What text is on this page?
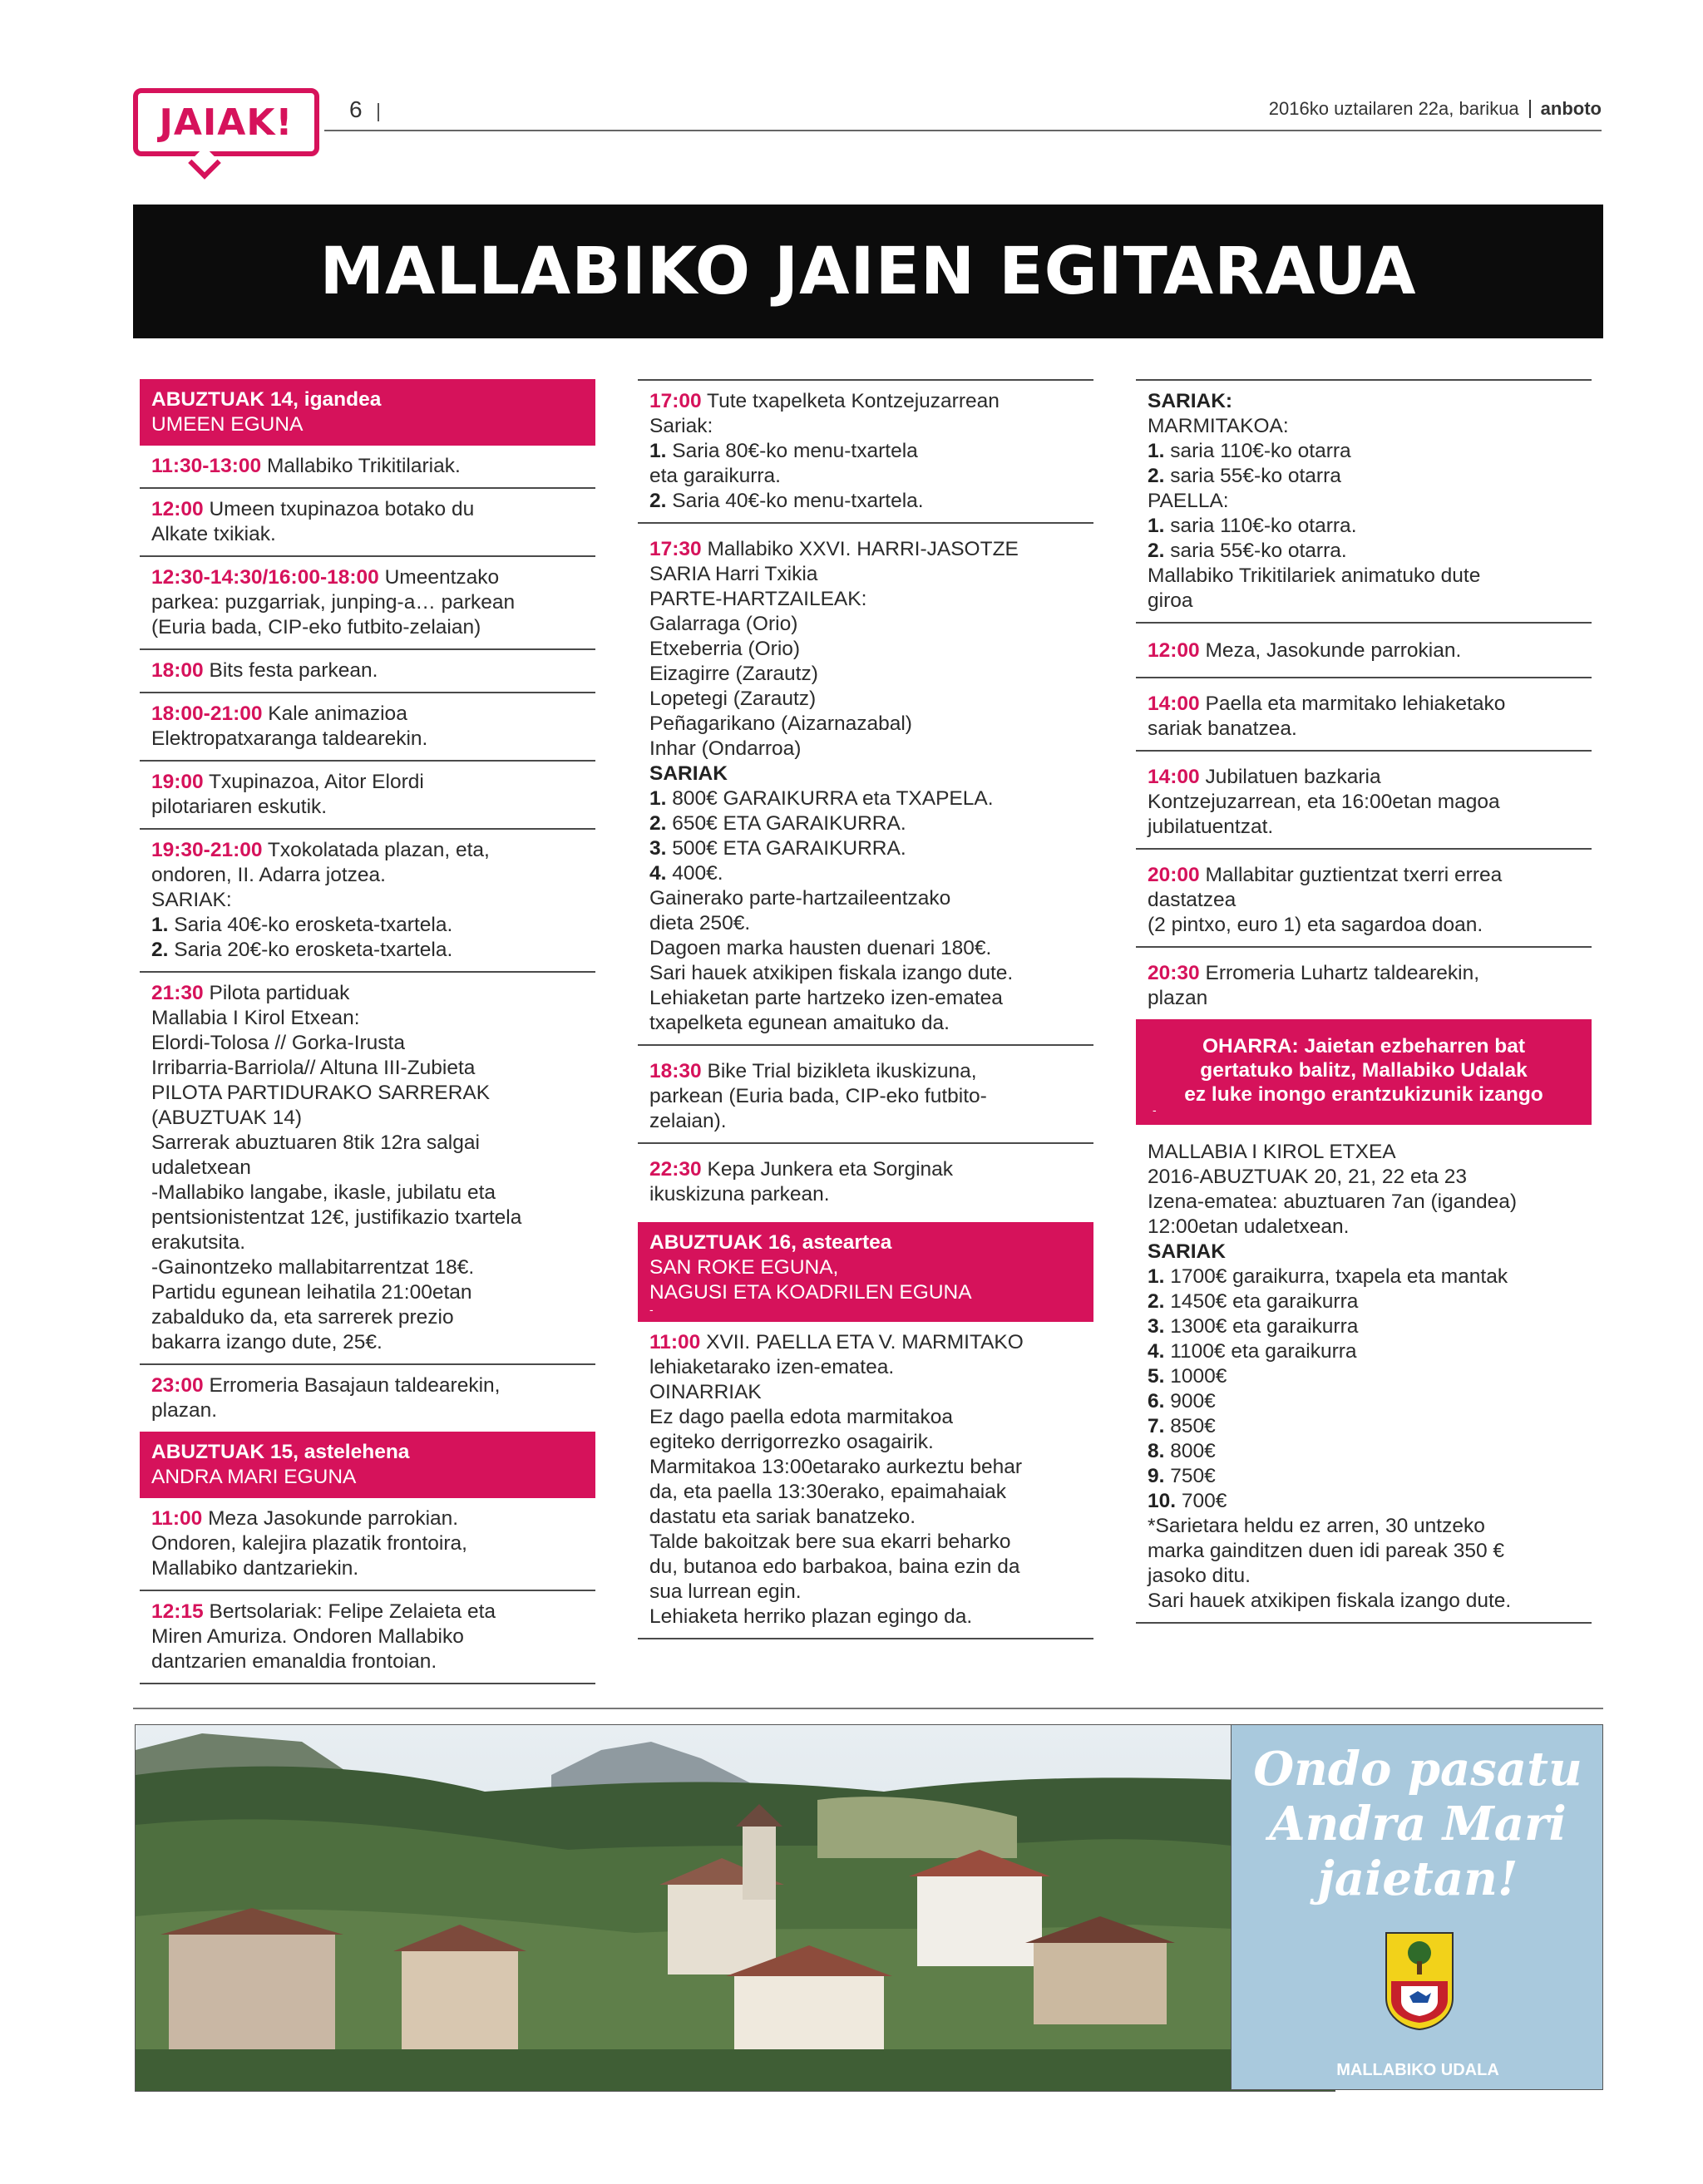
JAIAK! 6	2016ko uztailaren 22a, barikua anboto
MALLABIKO JAIEN EGITARAUA
ABUZTUAK 14, igandea
UMEEN EGUNA
11:30-13:00 Mallabiko Trikitilariak.
12:00 Umeen txupinazoa botako du
Alkate txikiak.
12:30-14:30/16:00-18:00 Umeentzako
parkea: puzgarriak, junping-a… parkean
(Euria bada, CIP-eko futbito-zelaian)
18:00 Bits festa parkean.
18:00-21:00 Kale animazioa
Elektropatxaranga taldearekin.
19:00 Txupinazoa, Aitor Elordi
pilotariaren eskutik.
19:30-21:00 Txokolatada plazan, eta,
ondoren, II. Adarra jotzea.
SARIAK:
1. Saria 40€-ko erosketa-txartela.
2. Saria 20€-ko erosketa-txartela.
21:30 Pilota partiduak
Mallabia I Kirol Etxean:
Elordi-Tolosa // Gorka-Irusta
Irribarria-Barriola// Altuna III-Zubieta
PILOTA PARTIDURAKO SARRERAK
(ABUZTUAK 14)
Sarrerak abuztuaren 8tik 12ra salgai
udaletxean
-Mallabiko langabe, ikasle, jubilatu eta
pentsionistentzat 12€, justifikazio txartela
erakutsita.
-Gainontzeko mallabitarrentzat 18€.
Partidu egunean leihatila 21:00etan
zabalduko da, eta sarrerek prezio
bakarra izango dute, 25€.
23:00 Erromeria Basajaun taldearekin,
plazan.
ABUZTUAK 15, astelehena
ANDRA MARI EGUNA
11:00 Meza Jasokunde parrokian.
Ondoren, kalejira plazatik frontoira,
Mallabiko dantzariekin.
12:15 Bertsolariak: Felipe Zelaieta eta
Miren Amuriza. Ondoren Mallabiko
dantzarien emanaldia frontoian.
17:00 Tute txapelketa Kontzejuzarrean
Sariak:
1. Saria 80€-ko menu-txartela
eta garaikurra.
2. Saria 40€-ko menu-txartela.
17:30 Mallabiko XXVI. HARRI-JASOTZE
SARIA Harri Txikia
PARTE-HARTZAILEAK:
Galarraga (Orio)
Etxeberria (Orio)
Eizagirre (Zarautz)
Lopetegi (Zarautz)
Peñagarikano (Aizarnazabal)
Inhar (Ondarroa)
SARIAK
1. 800€ GARAIKURRA eta TXAPELA.
2. 650€ ETA GARAIKURRA.
3. 500€ ETA GARAIKURRA.
4. 400€.
Gainerako parte-hartzaileentzako
dieta 250€.
Dagoen marka hausten duenari 180€.
Sari hauek atxikipen fiskala izango dute.
Lehiaketan parte hartzeko izen-ematea
txapelketa egunean amaituko da.
18:30 Bike Trial bizikleta ikuskizuna,
parkean (Euria bada, CIP-eko futbito-
zelaian).
22:30 Kepa Junkera eta Sorginak
ikuskizuna parkean.
ABUZTUAK 16, asteartea
SAN ROKE EGUNA,
NAGUSI ETA KOADRILEN EGUNA
-
11:00 XVII. PAELLA ETA V. MARMITAKO
lehiaketarako izen-ematea.
OINARRIAK
Ez dago paella edota marmitakoa
egiteko derrigorrezko osagairik.
Marmitakoa 13:00etarako aurkeztu behar
da, eta paella 13:30erako, epaimahaiak
dastatu eta sariak banatzeko.
Talde bakoitzak bere sua ekarri beharko
du, butanoa edo barbakoa, baina ezin da
sua lurrean egin.
Lehiaketa herriko plazan egingo da.
SARIAK:
MARMITAKOA:
1. saria 110€-ko otarra
2. saria 55€-ko otarra
PAELLA:
1. saria 110€-ko otarra.
2. saria 55€-ko otarra.
Mallabiko Trikitilariek animatuko dute
giroa
12:00 Meza, Jasokunde parrokian.
14:00 Paella eta marmitako lehiaketako
sariak banatzea.
14:00 Jubilatuen bazkaria
Kontzejuzarrean, eta 16:00etan magoa
jubilatuentzat.
20:00 Mallabitar guztientzat txerri errea
dastatzea
(2 pintxo, euro 1) eta sagardoa doan.
20:30 Erromeria Luhartz taldearekin,
plazan
OHARRA: Jaietan ezbeharren bat
gertatuko balitz, Mallabiko Udalak
ez luke inongo erantzukizunik izango
-
MALLABIA I KIROL ETXEA
2016-ABUZTUAK 20, 21, 22 eta 23
Izena-ematea: abuztuaren 7an (igandea)
12:00etan udaletxean.
SARIAK
1. 1700€ garaikurra, txapela eta mantak
2. 1450€ eta garaikurra
3. 1300€ eta garaikurra
4. 1100€ eta garaikurra
5. 1000€
6. 900€
7. 850€
8. 800€
9. 750€
10. 700€
*Sarietara heldu ez arren, 30 untzeko
marka gainditzen duen idi pareak 350 €
jasoko ditu.
Sari hauek atxikipen fiskala izango dute.
Ondo pasatu
Andra Mari
jaietan!
MALLABIKO UDALA
